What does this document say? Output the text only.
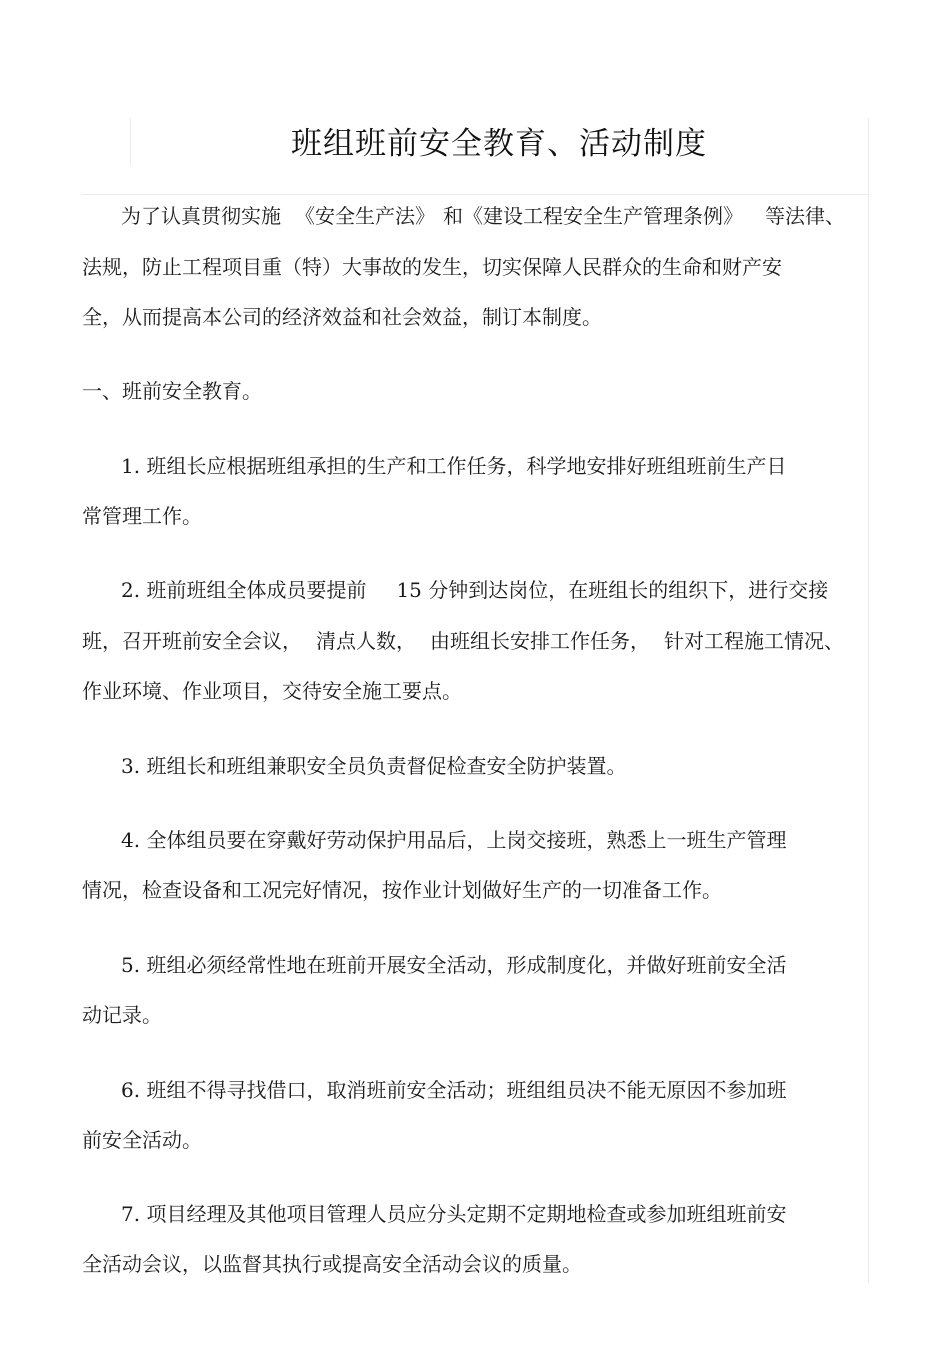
班组班前安全教育、活动制度
为了认真贯彻实施 《安全生产法》 和《建设工程安全生产管理条例》 等法律、
法规，防止工程项目重（特）大事故的发生，切实保障人民群众的生命和财产安
全，从而提高本公司的经济效益和社会效益，制订本制度。
一、班前安全教育。
1. 班组长应根据班组承担的生产和工作任务，科学地安排好班组班前生产日
常管理工作。
2. 班前班组全体成员要提前 15 分钟到达岗位，在班组长的组织下，进行交接
班，召开班前安全会议， 清点人数， 由班组长安排工作任务， 针对工程施工情况、
作业环境、作业项目，交待安全施工要点。
3. 班组长和班组兼职安全员负责督促检查安全防护装置。
4. 全体组员要在穿戴好劳动保护用品后，上岗交接班，熟悉上一班生产管理
情况，检查设备和工况完好情况，按作业计划做好生产的一切准备工作。
5. 班组必须经常性地在班前开展安全活动，形成制度化，并做好班前安全活
动记录。
6. 班组不得寻找借口，取消班前安全活动；班组组员决不能无原因不参加班
前安全活动。
7. 项目经理及其他项目管理人员应分头定期不定期地检查或参加班组班前安
全活动会议，以监督其执行或提高安全活动会议的质量。
